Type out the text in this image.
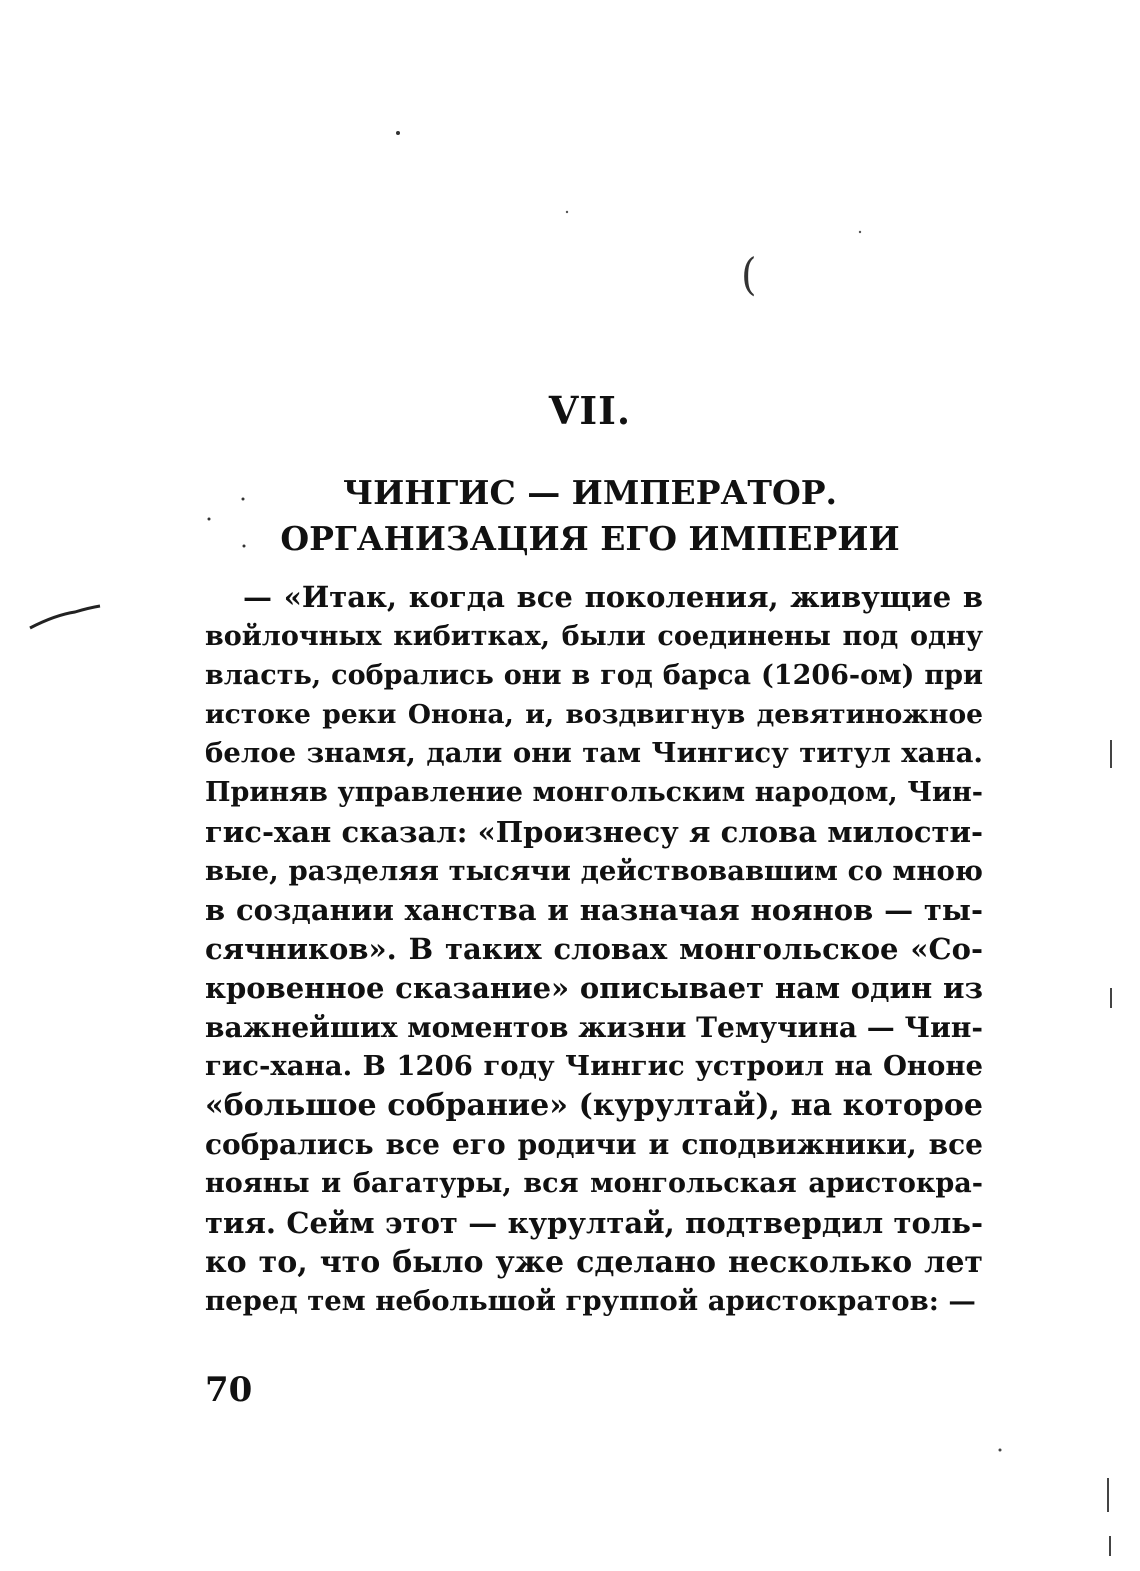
(
VII.
ЧИНГИС — ИМПЕРАТОР.
ОРГАНИЗАЦИЯ ЕГО ИМПЕРИИ
— «Итак, когда все поколения, живущие в
войлочных кибитках, были соединены под одну
власть, собрались они в год барса (1206-ом) при
истоке реки Онона, и, воздвигнув девятиножное
белое знамя, дали они там Чингису титул хана.
Приняв управление монгольским народом, Чин-
гис-хан сказал: «Произнесу я слова милости-
вые, разделяя тысячи действовавшим со мною
в создании ханства и назначая ноянов — ты-
сячников». В таких словах монгольское «Со-
кровенное сказание» описывает нам один из
важнейших моментов жизни Темучина — Чин-
гис-хана. В 1206 году Чингис устроил на Ононе
«большое собрание» (курултай), на которое
собрались все его родичи и сподвижники, все
нояны и багатуры, вся монгольская аристокра-
тия. Сейм этот — курултай, подтвердил толь-
ко то, что было уже сделано несколько лет
перед тем небольшой группой аристократов: —
70
